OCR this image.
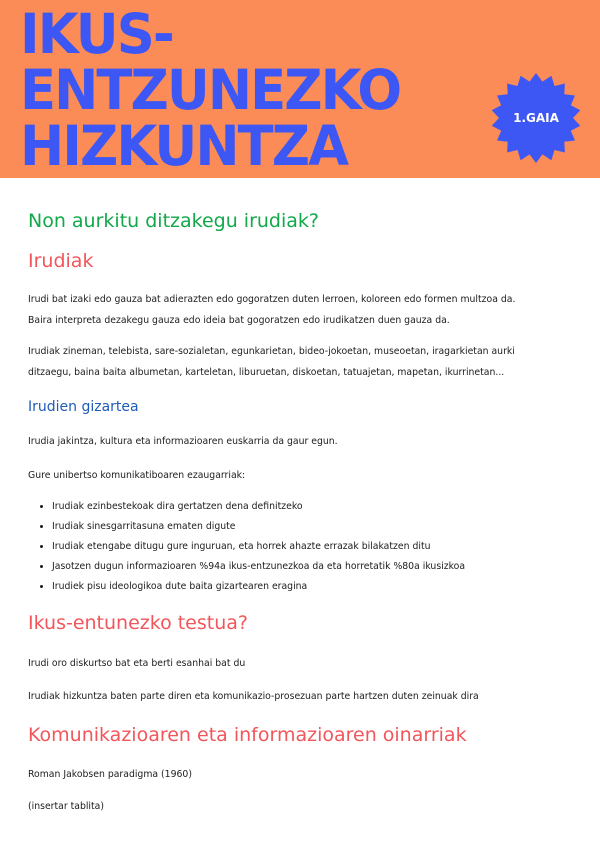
IKUS-
ENTZUNEZKO
HIZKUNTZA	1.GAIA
Non aurkitu ditzakegu irudiak?
Irudiak

Irudi bat izaki edo gauza bat adierazten edo gogoratzen duten lerroen, koloreen edo formen multzoa da.

Baira interpreta dezakegu gauza edo ideia bat gogoratzen edo irudikatzen duen gauza da.

Irudiak zineman, telebista, sare-sozialetan, egunkarietan, bideo-jokoetan, museoetan, iragarkietan aurki

ditzaegu, baina baita albumetan, karteletan, liburuetan, diskoetan, tatuajetan, mapetan, ikurrinetan...

Irudien gizartea

Irudia jakintza, kultura eta informazioaren euskarria da gaur egun.

Gure unibertso komunikatiboaren ezaugarriak:

• Irudiak ezinbestekoak dira gertatzen dena definitzeko
• Irudiak sinesgarritasuna ematen digute
• Irudiak etengabe ditugu gure inguruan, eta horrek ahazte errazak bilakatzen ditu
• Jasotzen dugun informazioaren %94a ikus-entzunezkoa da eta horretatik %80a ikusizkoa
• Irudiek pisu ideologikoa dute baita gizartearen eragina
Ikus-entunezko testua?

Irudi oro diskurtso bat eta berti esanhai bat du

Irudiak hizkuntza baten parte diren eta komunikazio-prosezuan parte hartzen duten zeinuak dira

Komunikazioaren eta informazioaren oinarriak

Roman Jakobsen paradigma (1960)

(insertar tablita)
